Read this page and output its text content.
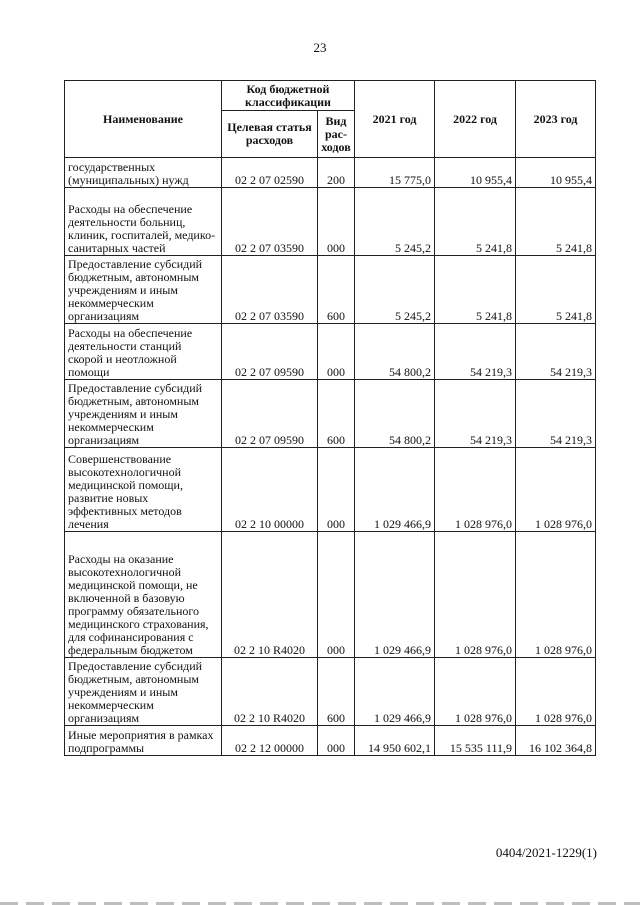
23
Наименование	Код бюджетной классификации		2021 год	2022 год	2023 год
	Целевая статья расходов	Вид рас-ходов			
государственных (муниципальных) нужд	02 2 07 02590	200	15 775,0	10 955,4	10 955,4
Расходы на обеспечение деятельности больниц, клиник, госпиталей, медико-санитарных частей	02 2 07 03590	000	5 245,2	5 241,8	5 241,8
Предоставление субсидий бюджетным, автономным учреждениям и иным некоммерческим организациям	02 2 07 03590	600	5 245,2	5 241,8	5 241,8
Расходы на обеспечение деятельности станций скорой и неотложной помощи	02 2 07 09590	000	54 800,2	54 219,3	54 219,3
Предоставление субсидий бюджетным, автономным учреждениям и иным некоммерческим организациям	02 2 07 09590	600	54 800,2	54 219,3	54 219,3
Совершенствование высокотехнологичной медицинской помощи, развитие новых эффективных методов лечения	02 2 10 00000	000	1 029 466,9	1 028 976,0	1 028 976,0
Расходы на оказание высокотехнологичной медицинской помощи, не включенной в базовую программу обязательного медицинского страхования, для софинансирования с федеральным бюджетом	02 2 10 R4020	000	1 029 466,9	1 028 976,0	1 028 976,0
Предоставление субсидий бюджетным, автономным учреждениям и иным некоммерческим организациям	02 2 10 R4020	600	1 029 466,9	1 028 976,0	1 028 976,0
Иные мероприятия в рамках подпрограммы	02 2 12 00000	000	14 950 602,1	15 535 111,9	16 102 364,8
0404/2021-1229(1)
